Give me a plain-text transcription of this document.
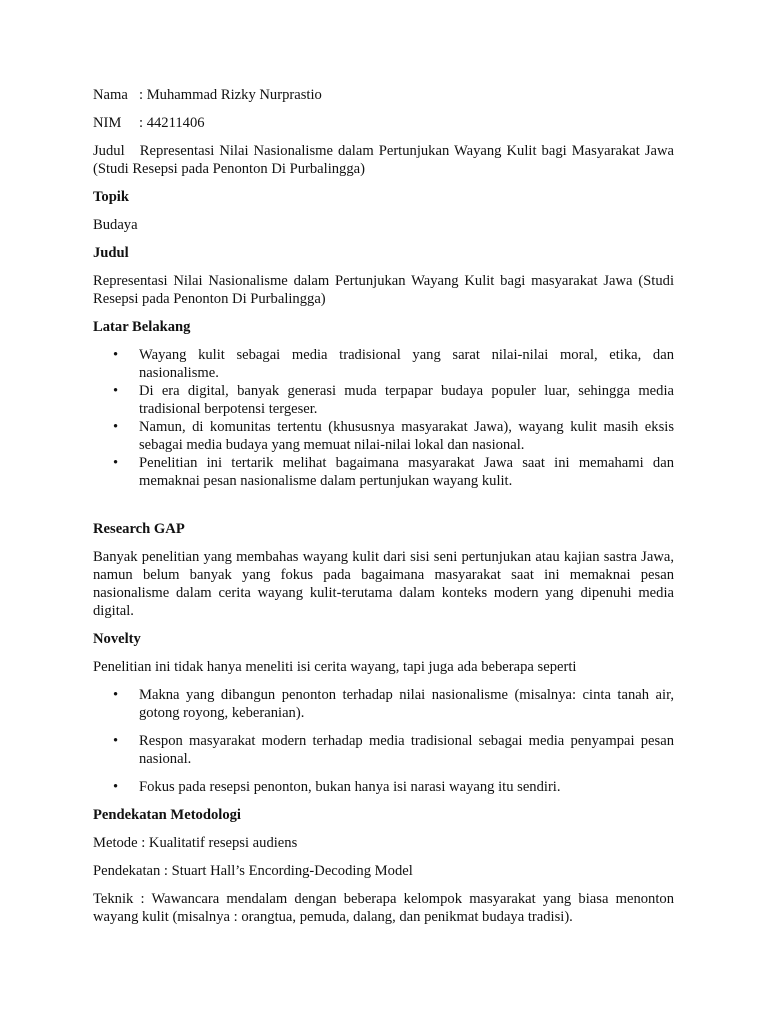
Nama : Muhammad Rizky Nurprastio
NIM : 44211406

Judul Representasi Nilai Nasionalisme dalam Pertunjukan Wayang Kulit bagi Masyarakat Jawa (Studi Resepsi pada Penonton Di Purbalingga)

Topik

Budaya

Judul

Representasi Nilai Nasionalisme dalam Pertunjukan Wayang Kulit bagi masyarakat Jawa (Studi Resepsi pada Penonton Di Purbalingga)

Latar Belakang
• Wayang kulit sebagai media tradisional yang sarat nilai-nilai moral, etika, dan nasionalisme.
• Di era digital, banyak generasi muda terpapar budaya populer luar, sehingga media tradisional berpotensi tergeser.
• Namun, di komunitas tertentu (khususnya masyarakat Jawa), wayang kulit masih eksis sebagai media budaya yang memuat nilai-nilai lokal dan nasional.
• Penelitian ini tertarik melihat bagaimana masyarakat Jawa saat ini memahami dan memaknai pesan nasionalisme dalam pertunjukan wayang kulit.
Research GAP

Banyak penelitian yang membahas wayang kulit dari sisi seni pertunjukan atau kajian sastra Jawa, namun belum banyak yang fokus pada bagaimana masyarakat saat ini memaknai pesan nasionalisme dalam cerita wayang kulit-terutama dalam konteks modern yang dipenuhi media digital.

Novelty

Penelitian ini tidak hanya meneliti isi cerita wayang, tapi juga ada beberapa seperti

• Makna yang dibangun penonton terhadap nilai nasionalisme (misalnya: cinta tanah air, gotong royong, keberanian).
• Respon masyarakat modern terhadap media tradisional sebagai media penyampai pesan nasional.
• Fokus pada resepsi penonton, bukan hanya isi narasi wayang itu sendiri.
Pendekatan Metodologi

Metode : Kualitatif resepsi audiens

Pendekatan : Stuart Hall’s Encording-Decoding Model

Teknik : Wawancara mendalam dengan beberapa kelompok masyarakat yang biasa menonton wayang kulit (misalnya : orangtua, pemuda, dalang, dan penikmat budaya tradisi).
